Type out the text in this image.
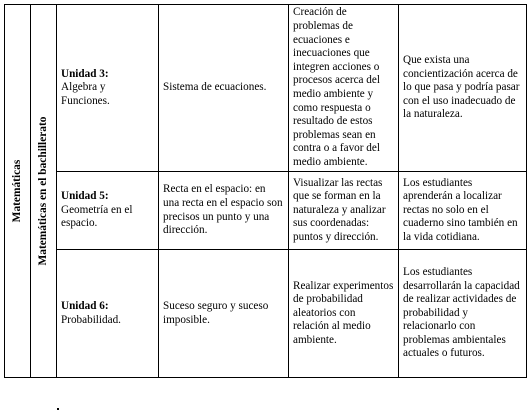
Matemáticas	Matemáticas en el bachillerato	Unidad 3:
Algebra y Funciones.	Sistema de ecuaciones.	Creación de problemas de ecuaciones e inecuaciones que integren acciones o procesos acerca del medio ambiente y como respuesta o resultado de estos problemas sean en contra o a favor del medio ambiente.	Que exista una concientización acerca de lo que pasa y podría pasar con el uso inadecuado de la naturaleza.

		Unidad 5:
Geometría en el espacio.	Recta en el espacio: en una recta en el espacio son precisos un punto y una dirección.	Visualizar las rectas que se forman en la naturaleza y analizar sus coordenadas: puntos y dirección.	Los estudiantes aprenderán a localizar rectas no solo en el cuaderno sino también en la vida cotidiana.

		Unidad 6:
Probabilidad.	Suceso seguro y suceso imposible.	Realizar experimentos de probabilidad aleatorios con relación al medio ambiente.	Los estudiantes desarrollarán la capacidad de realizar actividades de probabilidad y relacionarlo con problemas ambientales actuales o futuros.
